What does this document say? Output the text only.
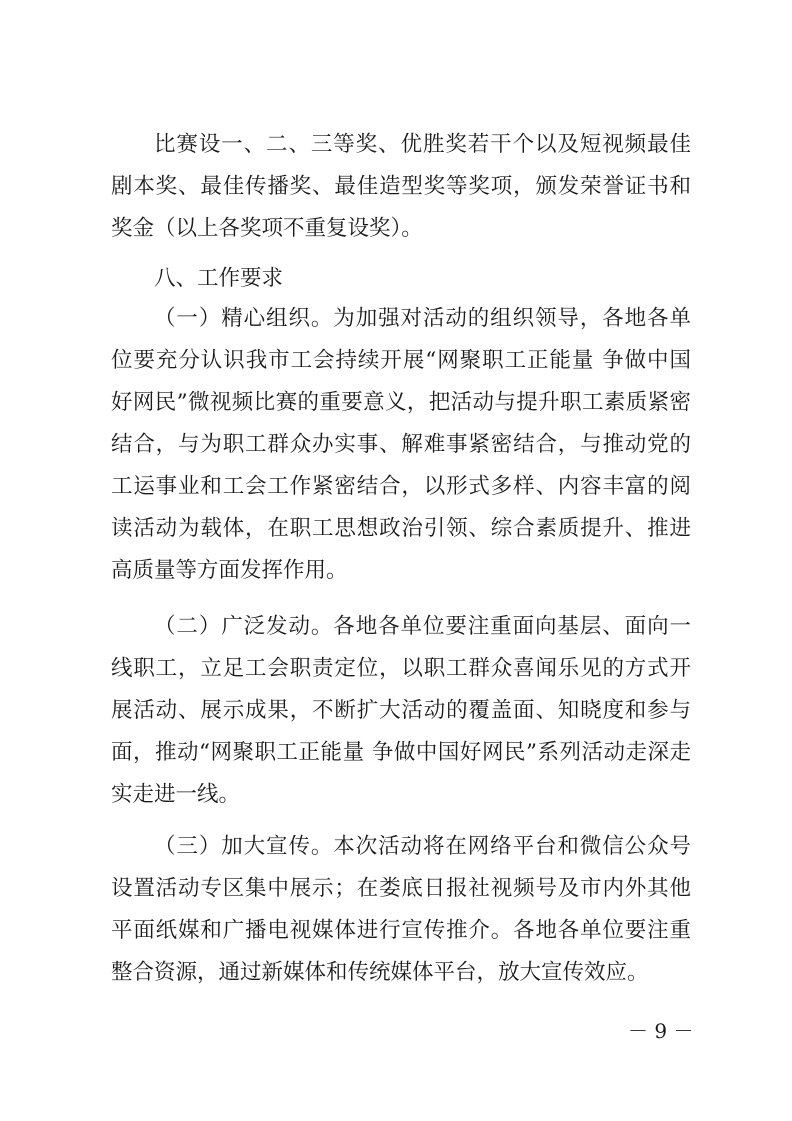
比赛设一、二、三等奖、优胜奖若干个以及短视频最佳
剧本奖、最佳传播奖、最佳造型奖等奖项，颁发荣誉证书和
奖金（以上各奖项不重复设奖）。
八、工作要求
（一）精心组织。为加强对活动的组织领导，各地各单
位要充分认识我市工会持续开展“网聚职工正能量 争做中国
好网民”微视频比赛的重要意义，把活动与提升职工素质紧密
结合，与为职工群众办实事、解难事紧密结合，与推动党的
工运事业和工会工作紧密结合，以形式多样、内容丰富的阅
读活动为载体，在职工思想政治引领、综合素质提升、推进
高质量等方面发挥作用。
（二）广泛发动。各地各单位要注重面向基层、面向一
线职工，立足工会职责定位，以职工群众喜闻乐见的方式开
展活动、展示成果，不断扩大活动的覆盖面、知晓度和参与
面，推动“网聚职工正能量 争做中国好网民”系列活动走深走
实走进一线。
（三）加大宣传。本次活动将在网络平台和微信公众号
设置活动专区集中展示；在娄底日报社视频号及市内外其他
平面纸媒和广播电视媒体进行宣传推介。各地各单位要注重
整合资源，通过新媒体和传统媒体平台，放大宣传效应。
－ 9 －
